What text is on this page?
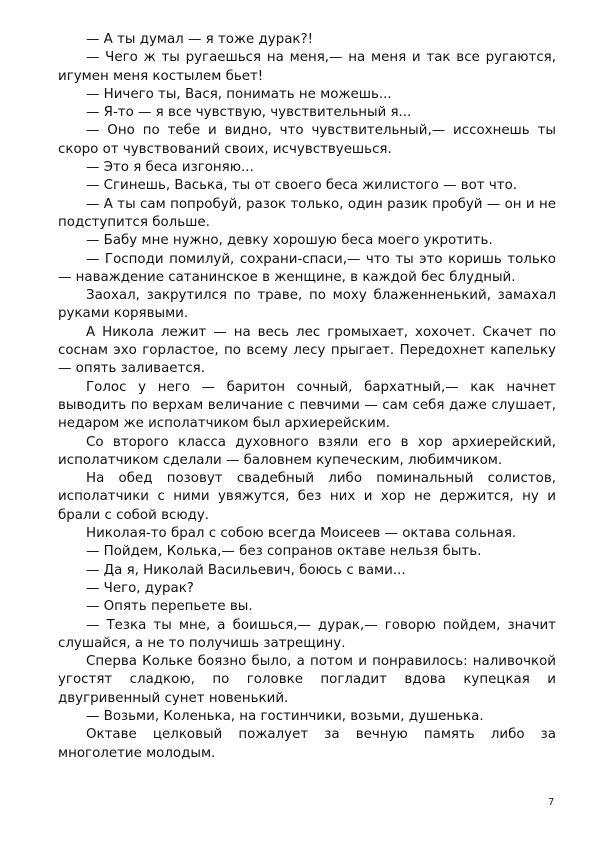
— А ты думал — я тоже дурак?!

— Чего ж ты ругаешься на меня,— на меня и так все ругаются, игумен меня костылем бьет!

— Ничего ты, Вася, понимать не можешь...

— Я-то — я все чувствую, чувствительный я...

— Оно по тебе и видно, что чувствительный,— иссохнешь ты скоро от чувствований своих, исчувствуешься.

— Это я беса изгоняю...

— Сгинешь, Васька, ты от своего беса жилистого — вот что.

— А ты сам попробуй, разок только, один разик пробуй — он и не подступится больше.

— Бабу мне нужно, девку хорошую беса моего укротить.

— Господи помилуй, сохрани-спаси,— что ты это коришь только — наваждение сатанинское в женщине, в каждой бес блудный.

Заохал, закрутился по траве, по моху блаженненький, замахал руками корявыми.

А Никола лежит — на весь лес громыхает, хохочет. Скачет по соснам эхо горластое, по всему лесу прыгает. Передохнет капельку — опять заливается.

Голос у него — баритон сочный, бархатный,— как начнет выводить по верхам величание с певчими — сам себя даже слушает, недаром же исполатчиком был архиерейским.

Со второго класса духовного взяли его в хор архиерейский, исполатчиком сделали — баловнем купеческим, любимчиком.

На обед позовут свадебный либо поминальный солистов, исполатчики с ними увяжутся, без них и хор не держится, ну и брали с собой всюду.

Николая-то брал с собою всегда Моисеев — октава сольная.

— Пойдем, Колька,— без сопранов октаве нельзя быть.

— Да я, Николай Васильевич, боюсь с вами...

— Чего, дурак?

— Опять перепьете вы.

— Тезка ты мне, а боишься,— дурак,— говорю пойдем, значит слушайся, а не то получишь затрещину.

Сперва Кольке боязно было, а потом и понравилось: наливочкой угостят сладкою, по головке погладит вдова купецкая и двугривенный сунет новенький.

— Возьми, Коленька, на гостинчики, возьми, душенька.

Октаве целковый пожалует за вечную память либо за многолетие молодым.

7
